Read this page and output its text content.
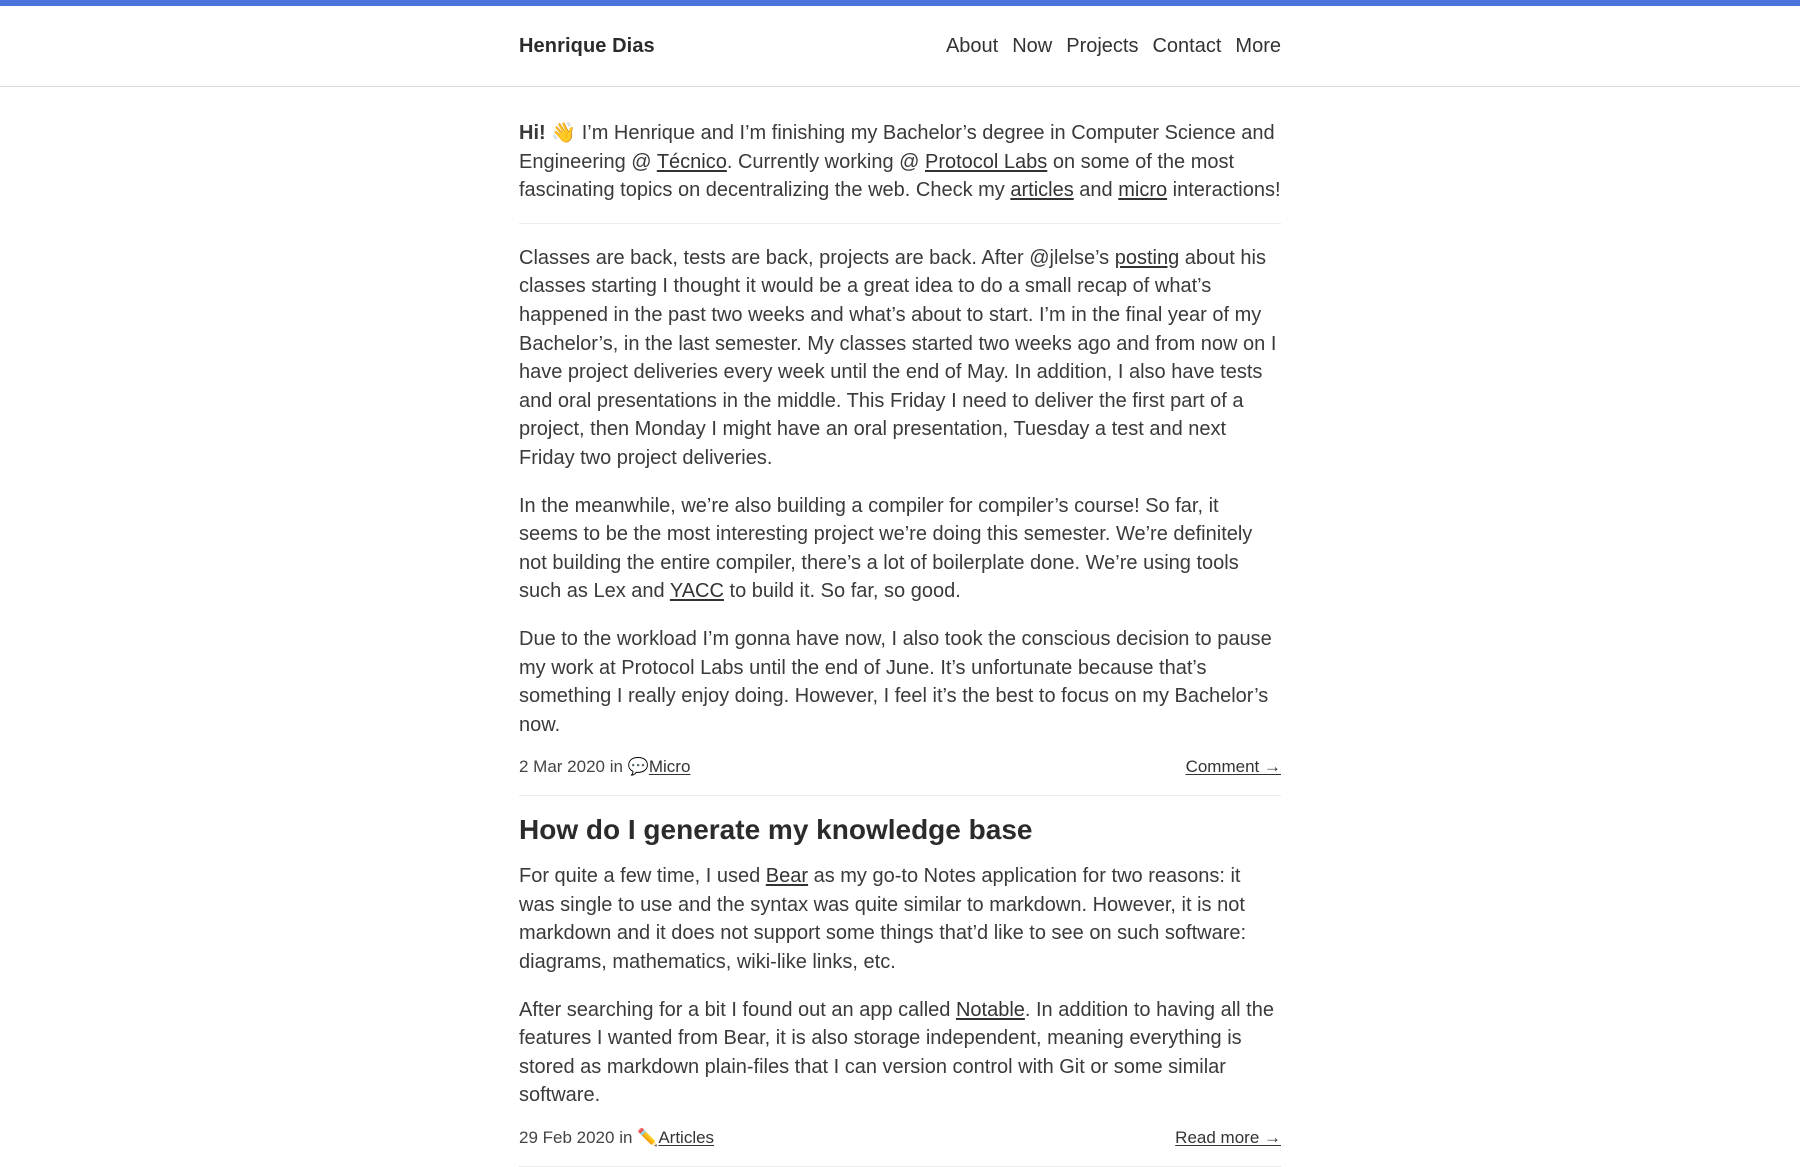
Henrique Dias	About Now Projects Contact More

Hi! 👋 I’m Henrique and I’m finishing my Bachelor’s degree in Computer Science and Engineering @ Técnico. Currently working @ Protocol Labs on some of the most fascinating topics on decentralizing the web. Check my articles and micro interactions!

Classes are back, tests are back, projects are back. After @jlelse’s posting about his classes starting I thought it would be a great idea to do a small recap of what’s happened in the past two weeks and what’s about to start. I’m in the final year of my Bachelor’s, in the last semester. My classes started two weeks ago and from now on I have project deliveries every week until the end of May. In addition, I also have tests and oral presentations in the middle. This Friday I need to deliver the first part of a project, then Monday I might have an oral presentation, Tuesday a test and next Friday two project deliveries.

In the meanwhile, we’re also building a compiler for compiler’s course! So far, it seems to be the most interesting project we’re doing this semester. We’re definitely not building the entire compiler, there’s a lot of boilerplate done. We’re using tools such as Lex and YACC to build it. So far, so good.

Due to the workload I’m gonna have now, I also took the conscious decision to pause my work at Protocol Labs until the end of June. It’s unfortunate because that’s something I really enjoy doing. However, I feel it’s the best to focus on my Bachelor’s now.

2 Mar 2020 in 💬Micro	Comment →
How do I generate my knowledge base

For quite a few time, I used Bear as my go-to Notes application for two reasons: it was single to use and the syntax was quite similar to markdown. However, it is not markdown and it does not support some things that’d like to see on such software: diagrams, mathematics, wiki-like links, etc.

After searching for a bit I found out an app called Notable. In addition to having all the features I wanted from Bear, it is also storage independent, meaning everything is stored as markdown plain-files that I can version control with Git or some similar software.

29 Feb 2020 in ✏️Articles	Read more →
